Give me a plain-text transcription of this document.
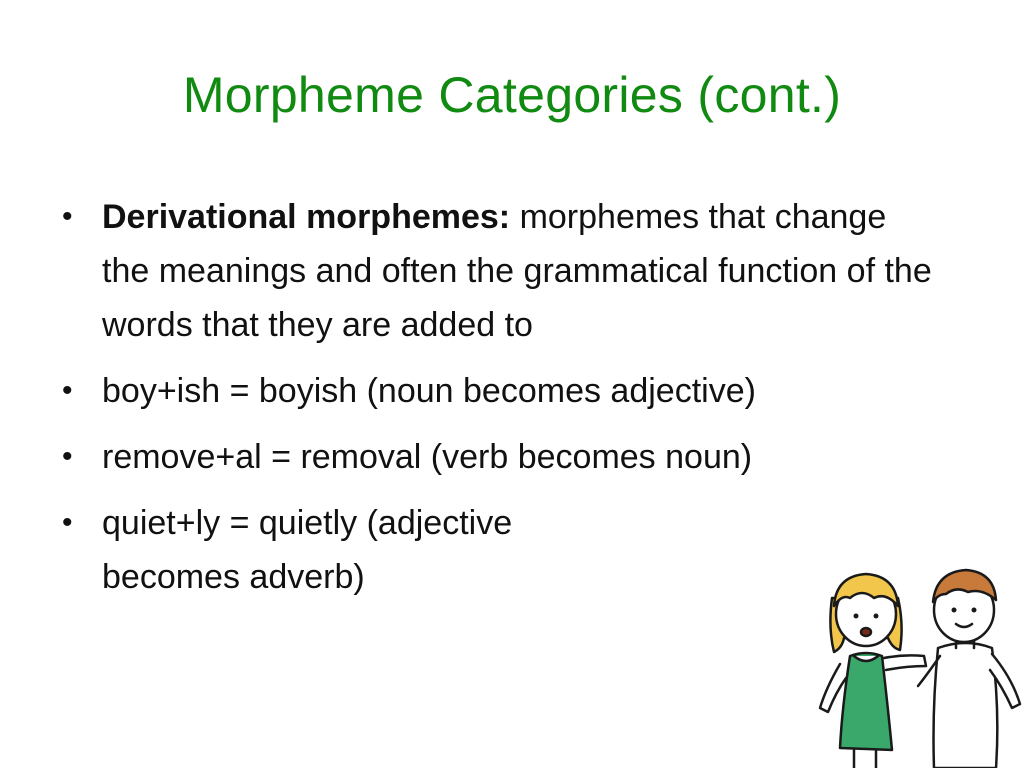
Morpheme Categories (cont.)
• Derivational morphemes: morphemes that change the meanings and often the grammatical function of the words that they are added to
• boy+ish = boyish (noun becomes adjective)
• remove+al = removal (verb becomes noun)
• quiet+ly = quietly (adjective becomes adverb)
